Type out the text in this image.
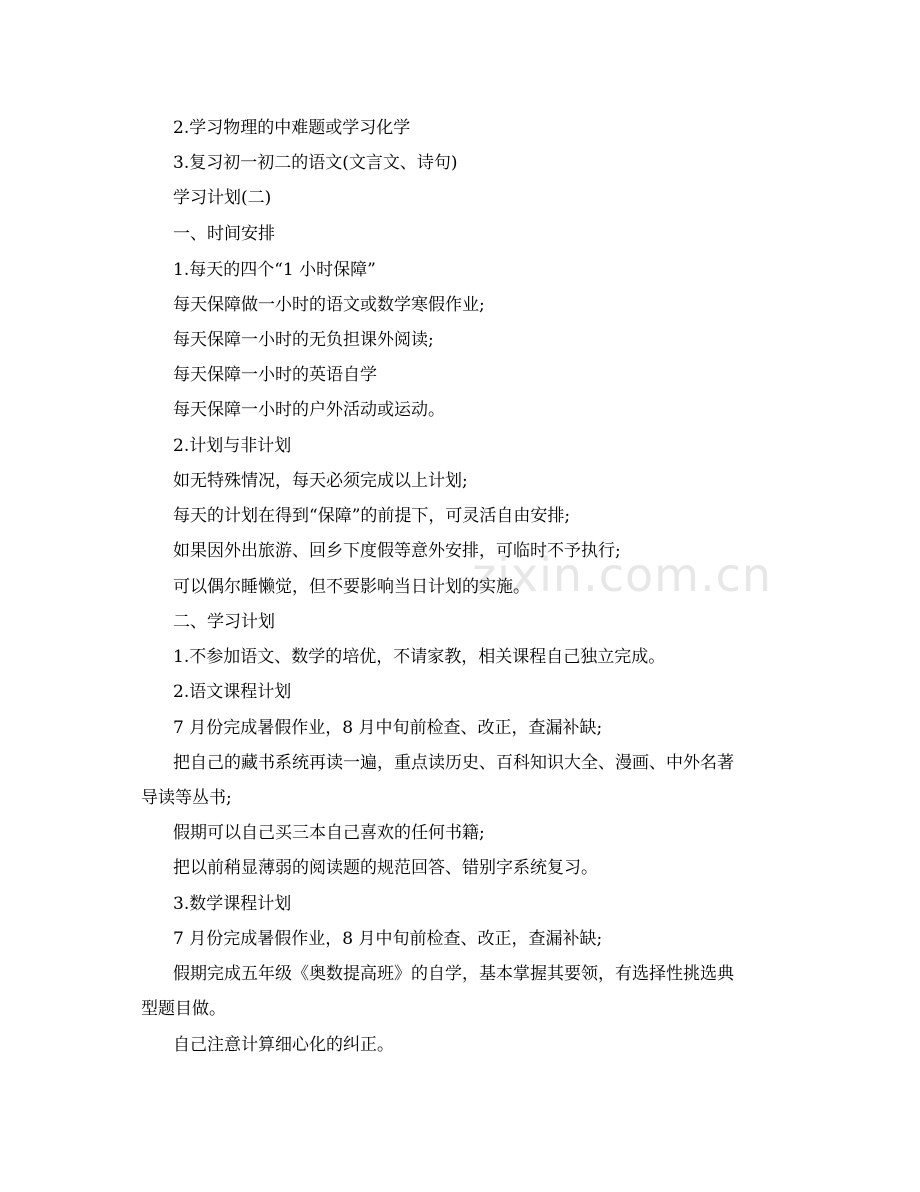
zixin.com.cn

2.学习物理的中难题或学习化学

3.复习初一初二的语文(文言文、诗句)

学习计划(二)

一、时间安排

1.每天的四个“1 小时保障”

每天保障做一小时的语文或数学寒假作业;

每天保障一小时的无负担课外阅读;

每天保障一小时的英语自学

每天保障一小时的户外活动或运动。

2.计划与非计划

如无特殊情况，每天必须完成以上计划;

每天的计划在得到“保障”的前提下，可灵活自由安排;

如果因外出旅游、回乡下度假等意外安排，可临时不予执行;

可以偶尔睡懒觉，但不要影响当日计划的实施。

二、学习计划

1.不参加语文、数学的培优，不请家教，相关课程自己独立完成。

2.语文课程计划

7 月份完成暑假作业，8 月中旬前检查、改正，查漏补缺;

把自己的藏书系统再读一遍，重点读历史、百科知识大全、漫画、中外名著

导读等丛书;

假期可以自己买三本自己喜欢的任何书籍;

把以前稍显薄弱的阅读题的规范回答、错别字系统复习。

3.数学课程计划

7 月份完成暑假作业，8 月中旬前检查、改正，查漏补缺;

假期完成五年级《奥数提高班》的自学，基本掌握其要领，有选择性挑选典

型题目做。

自己注意计算细心化的纠正。
